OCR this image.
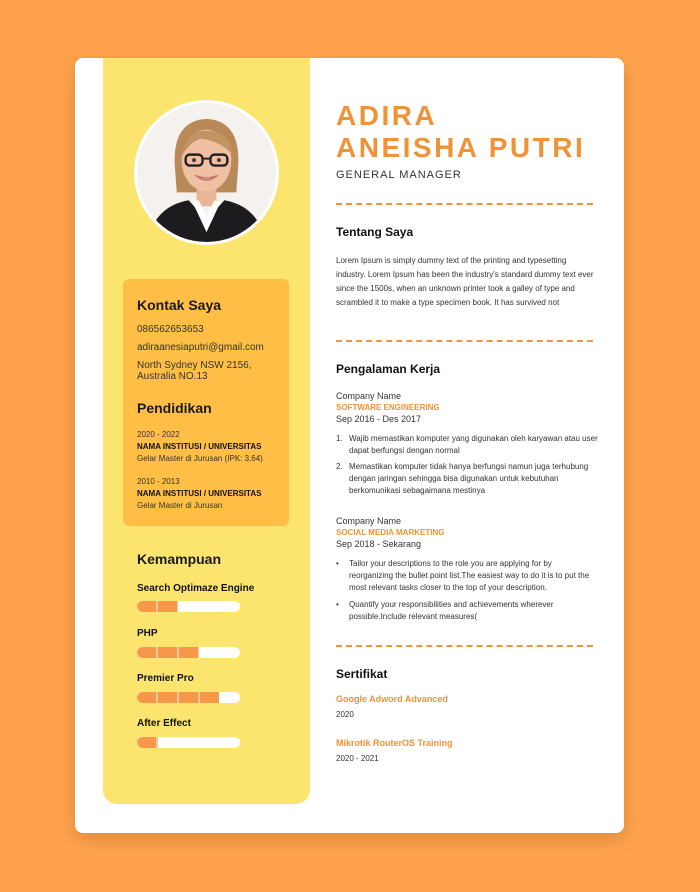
Kontak Saya
08656265365​3
adiraanesiaputri@gmail.com
North Sydney NSW 2156,
Australia NO.13
Pendidikan
2020 - 2022
NAMA INSTITUSI / UNIVERSITAS
Gelar Master di Jurusan (IPK: 3,64)
2010 - 2013
NAMA INSTITUSI / UNIVERSITAS
Gelar Master di Jurusan
Kemampuan
Search Optimaze Engine
PHP
Premier Pro
After Effect
ADIRA ANEISHA PUTRI
GENERAL MANAGER
Tentang Saya
Lorem Ipsum is simply dummy text of the printing and typesetting industry. Lorem Ipsum has been the industry's standard dummy text ever since the 1500s, when an unknown printer took a galley of type and scrambled it to make a type specimen book. It has survived not
Pengalaman Kerja
Company Name
SOFTWARE ENGINEERING
Sep 2016 - Des 2017
1. Wajib memastikan komputer yang digunakan oleh karyawan atau user dapat berfungsi dengan normal
2. Memastikan komputer tidak hanya berfungsi namun juga terhubung dengan jaringan sehingga bisa digunakan untuk kebutuhan berkomunikasi sebagaimana mestinya
Company Name
SOCIAL MEDIA MARKETING
Sep 2018 - Sekarang
• Tailor your descriptions to the role you are applying for by reorganizing the bullet point list.The easiest way to do it is to put the most relevant tasks closer to the top of your description.
• Quantify your responsibilities and achievements wherever possible.Include relevant measures(
Sertifikat
Google Adword Advanced
2020
Mikrotik RouterOS Training
2020 - 2021
